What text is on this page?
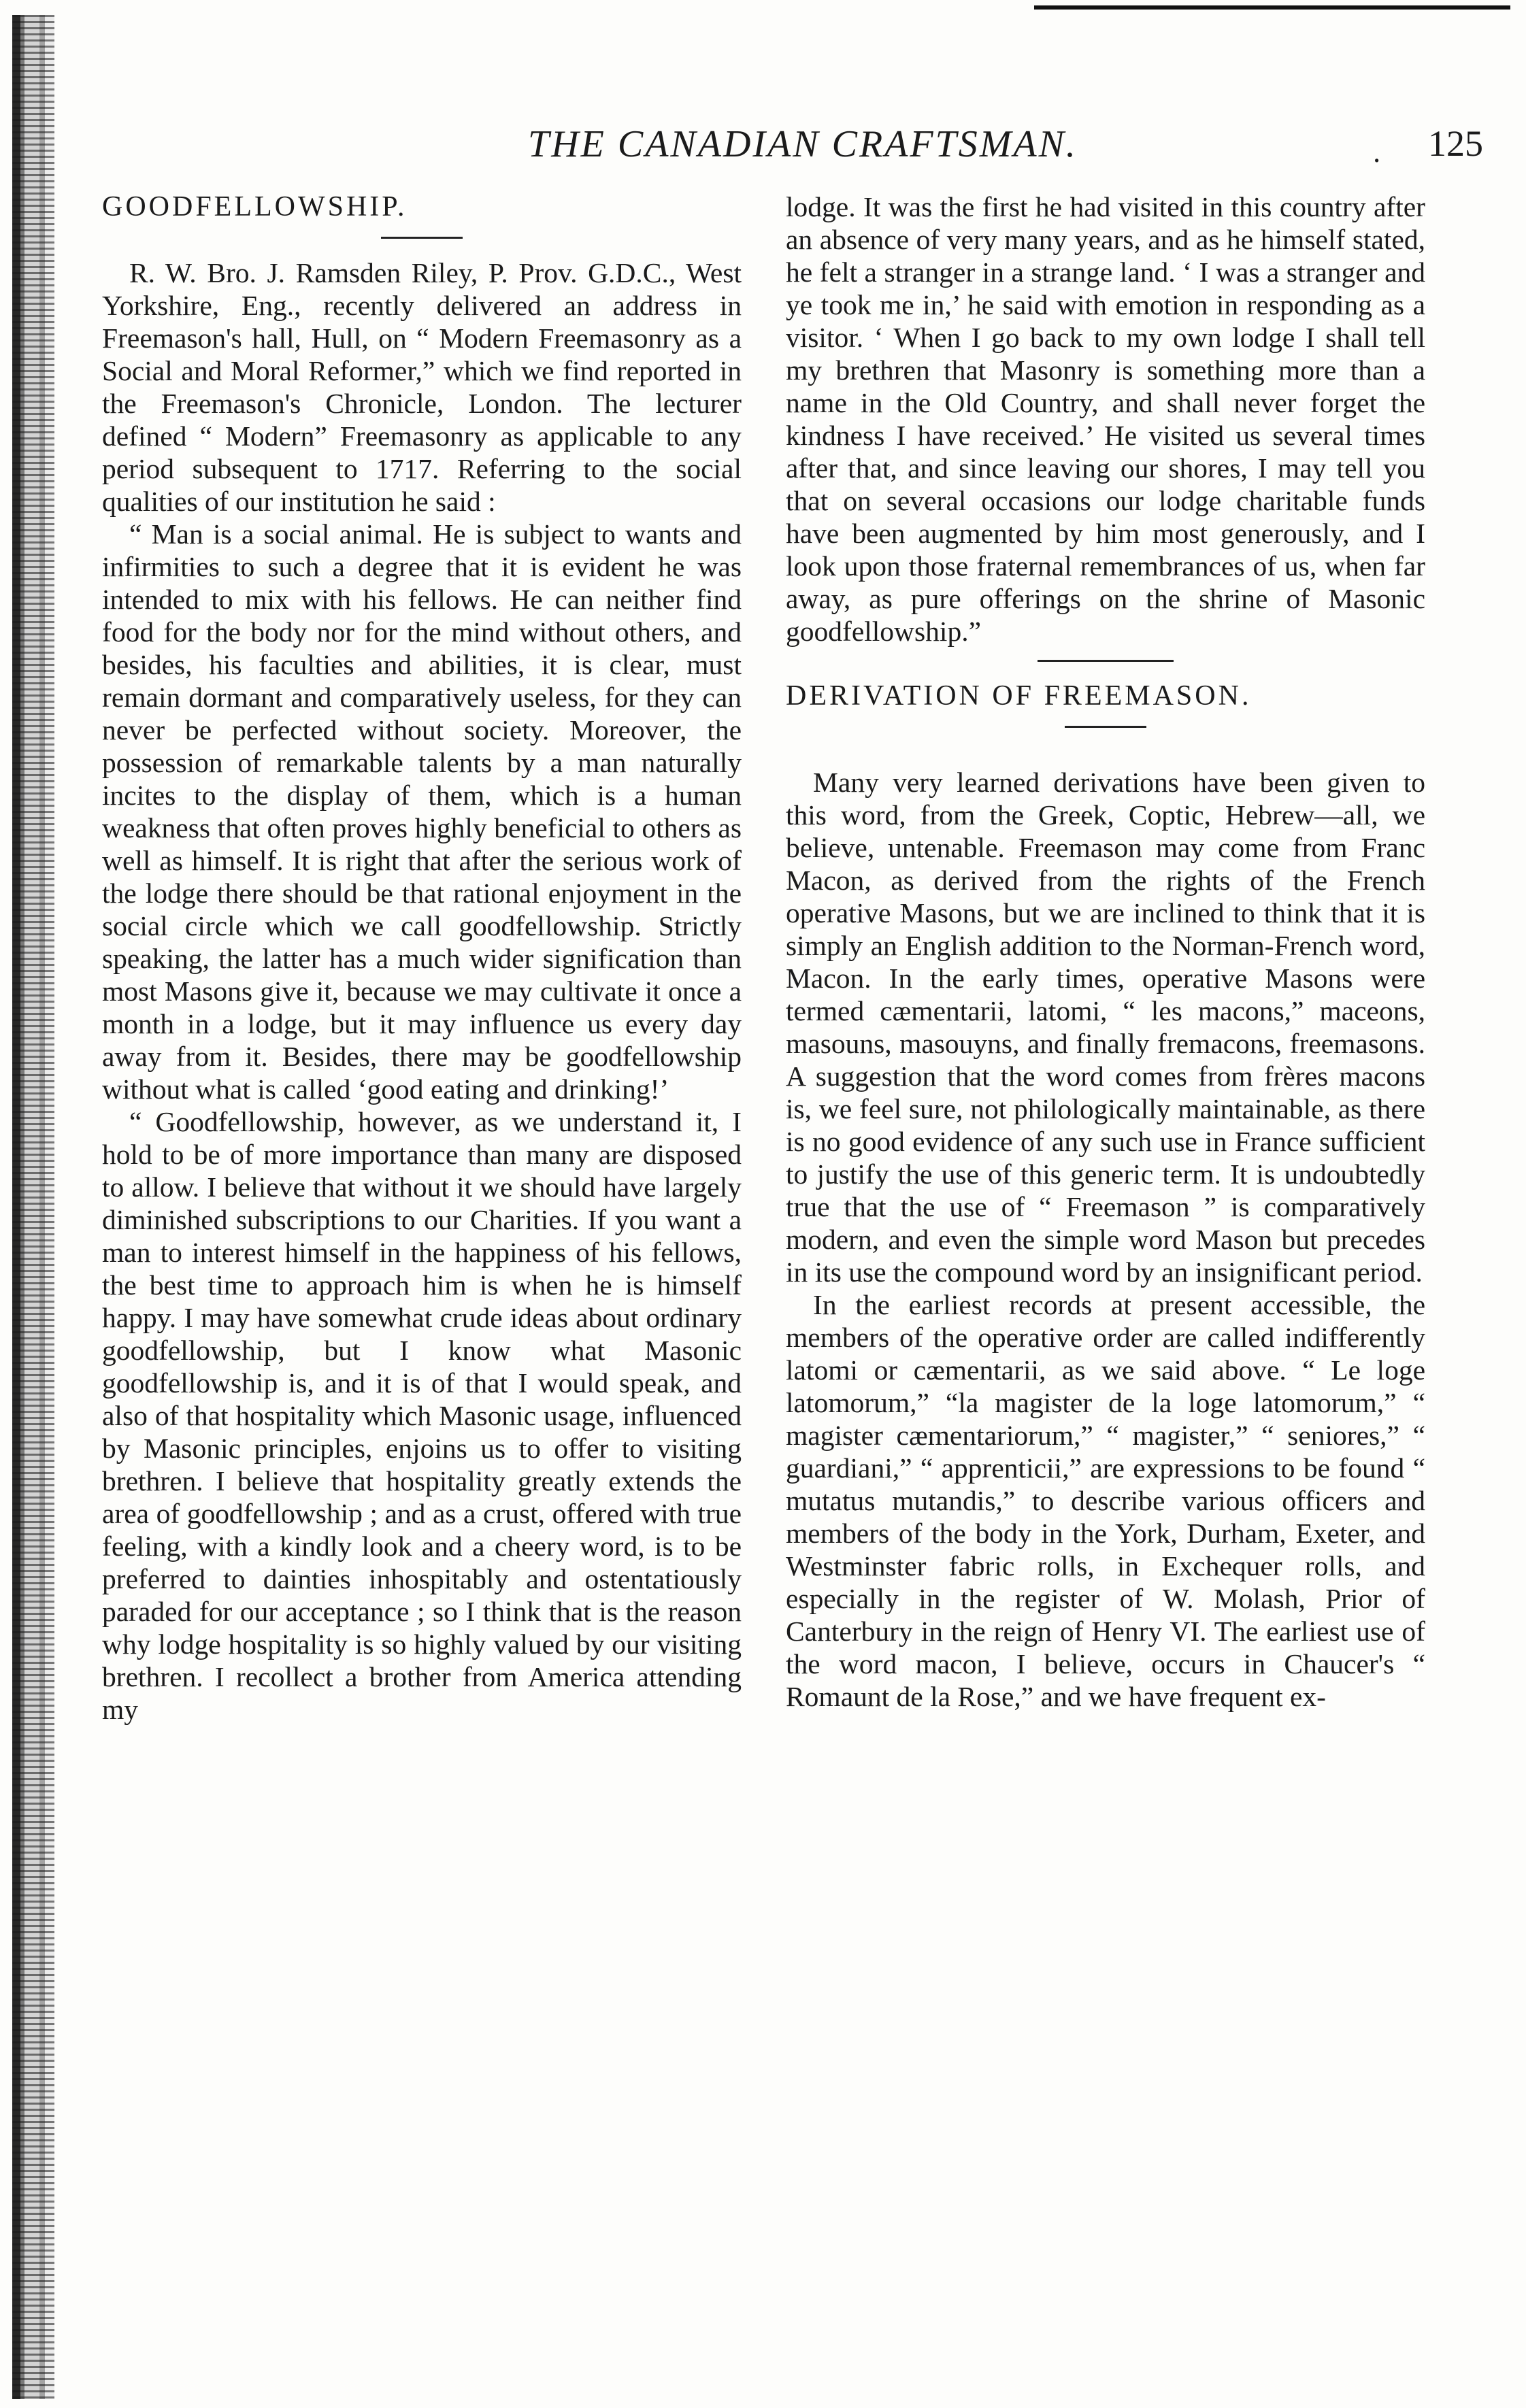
THE CANADIAN CRAFTSMAN.	. 125

GOODFELLOWSHIP.

R. W. Bro. J. Ramsden Riley, P. Prov. G.D.C., West Yorkshire, Eng., recently delivered an address in Freemason's hall, Hull, on “ Modern Freemasonry as a Social and Moral Reformer,” which we find reported in the Freemason's Chronicle, London. The lecturer defined “ Modern” Freemasonry as applicable to any period subsequent to 1717. Referring to the social qualities of our institution he said :

“ Man is a social animal. He is subject to wants and infirmities to such a degree that it is evident he was intended to mix with his fellows. He can neither find food for the body nor for the mind without others, and besides, his faculties and abilities, it is clear, must remain dormant and comparatively useless, for they can never be perfected without society. Moreover, the possession of remarkable talents by a man naturally incites to the display of them, which is a human weakness that often proves highly beneficial to others as well as himself. It is right that after the serious work of the lodge there should be that rational enjoyment in the social circle which we call goodfellowship. Strictly speaking, the latter has a much wider signification than most Masons give it, because we may cultivate it once a month in a lodge, but it may influence us every day away from it. Besides, there may be goodfellowship without what is called ‘good eating and drinking!’

“ Goodfellowship, however, as we understand it, I hold to be of more importance than many are disposed to allow. I believe that without it we should have largely diminished subscriptions to our Charities. If you want a man to interest himself in the happiness of his fellows, the best time to approach him is when he is himself happy. I may have somewhat crude ideas about ordinary goodfellowship, but I know what Masonic goodfellowship is, and it is of that I would speak, and also of that hospitality which Masonic usage, influenced by Masonic principles, enjoins us to offer to visiting brethren. I believe that hospitality greatly extends the area of goodfellowship ; and as a crust, offered with true feeling, with a kindly look and a cheery word, is to be preferred to dainties inhospitably and ostentatiously paraded for our acceptance ; so I think that is the reason why lodge hospitality is so highly valued by our visiting brethren. I recollect a brother from America attending my

lodge. It was the first he had visited in this country after an absence of very many years, and as he himself stated, he felt a stranger in a strange land. ‘ I was a stranger and ye took me in,’ he said with emotion in responding as a visitor. ‘ When I go back to my own lodge I shall tell my brethren that Masonry is something more than a name in the Old Country, and shall never forget the kindness I have received.’ He visited us several times after that, and since leaving our shores, I may tell you that on several occasions our lodge charitable funds have been augmented by him most generously, and I look upon those fraternal remembrances of us, when far away, as pure offerings on the shrine of Masonic goodfellowship.”

DERIVATION OF FREEMASON.

Many very learned derivations have been given to this word, from the Greek, Coptic, Hebrew—all, we believe, untenable. Freemason may come from Franc Macon, as derived from the rights of the French operative Masons, but we are inclined to think that it is simply an English addition to the Norman-French word, Macon. In the early times, operative Masons were termed cæmentarii, latomi, “ les macons,” maceons, masouns, masouyns, and finally fremacons, freemasons. A suggestion that the word comes from frères macons is, we feel sure, not philologically maintainable, as there is no good evidence of any such use in France sufficient to justify the use of this generic term. It is undoubtedly true that the use of “ Freemason ” is comparatively modern, and even the simple word Mason but precedes in its use the compound word by an insignificant period.

In the earliest records at present accessible, the members of the operative order are called indifferently latomi or cæmentarii, as we said above. “ Le loge latomorum,” “la magister de la loge latomorum,” “ magister cæmentariorum,” “ magister,” “ seniores,” “ guardiani,” “ apprenticii,” are expressions to be found “ mutatus mutandis,” to describe various officers and members of the body in the York, Durham, Exeter, and Westminster fabric rolls, in Exchequer rolls, and especially in the register of W. Molash, Prior of Canterbury in the reign of Henry VI. The earliest use of the word macon, I believe, occurs in Chaucer's “ Romaunt de la Rose,” and we have frequent ex-
